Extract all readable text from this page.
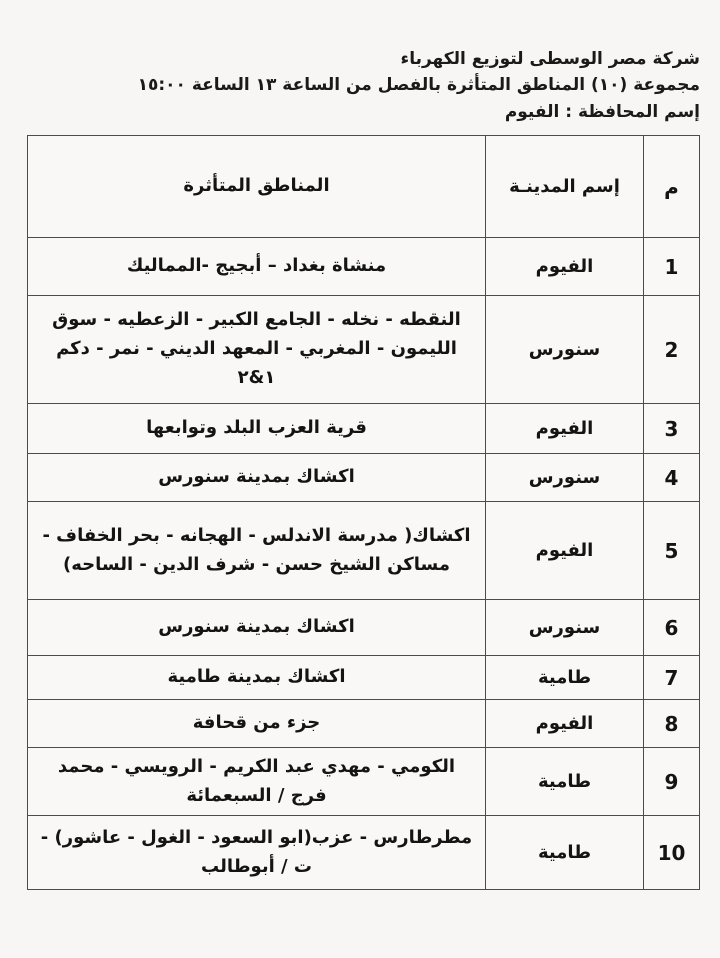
شركة مصر الوسطى لتوزيع الكهرباء
مجموعة (١٠) المناطق المتأثرة بالفصل من الساعة ١٣ الساعة ١٥:٠٠
إسم المحافظة : الفيوم
م	إسم المدينـة	المناطق المتأثرة
1	الفيوم	منشاة بغداد – أبجيج -المماليك
2	سنورس	النقطه - نخله - الجامع الكبير - الزعطيه - سوق الليمون - المغربي - المعهد الديني - نمر - دكم ١&٢
3	الفيوم	قرية العزب البلد وتوابعها
4	سنورس	اكشاك بمدينة سنورس
5	الفيوم	اكشاك( مدرسة الاندلس - الهجانه - بحر الخفاف - مساكن الشيخ حسن - شرف الدين - الساحه)
6	سنورس	اكشاك بمدينة سنورس
7	طامية	اكشاك بمدينة طامية
8	الفيوم	جزء من قحافة
9	طامية	الكومي - مهدي عبد الكريم - الرويسي - محمد فرج / السبعمائة
10	طامية	مطرطارس - عزب(ابو السعود - الغول - عاشور) - ت / أبوطالب
